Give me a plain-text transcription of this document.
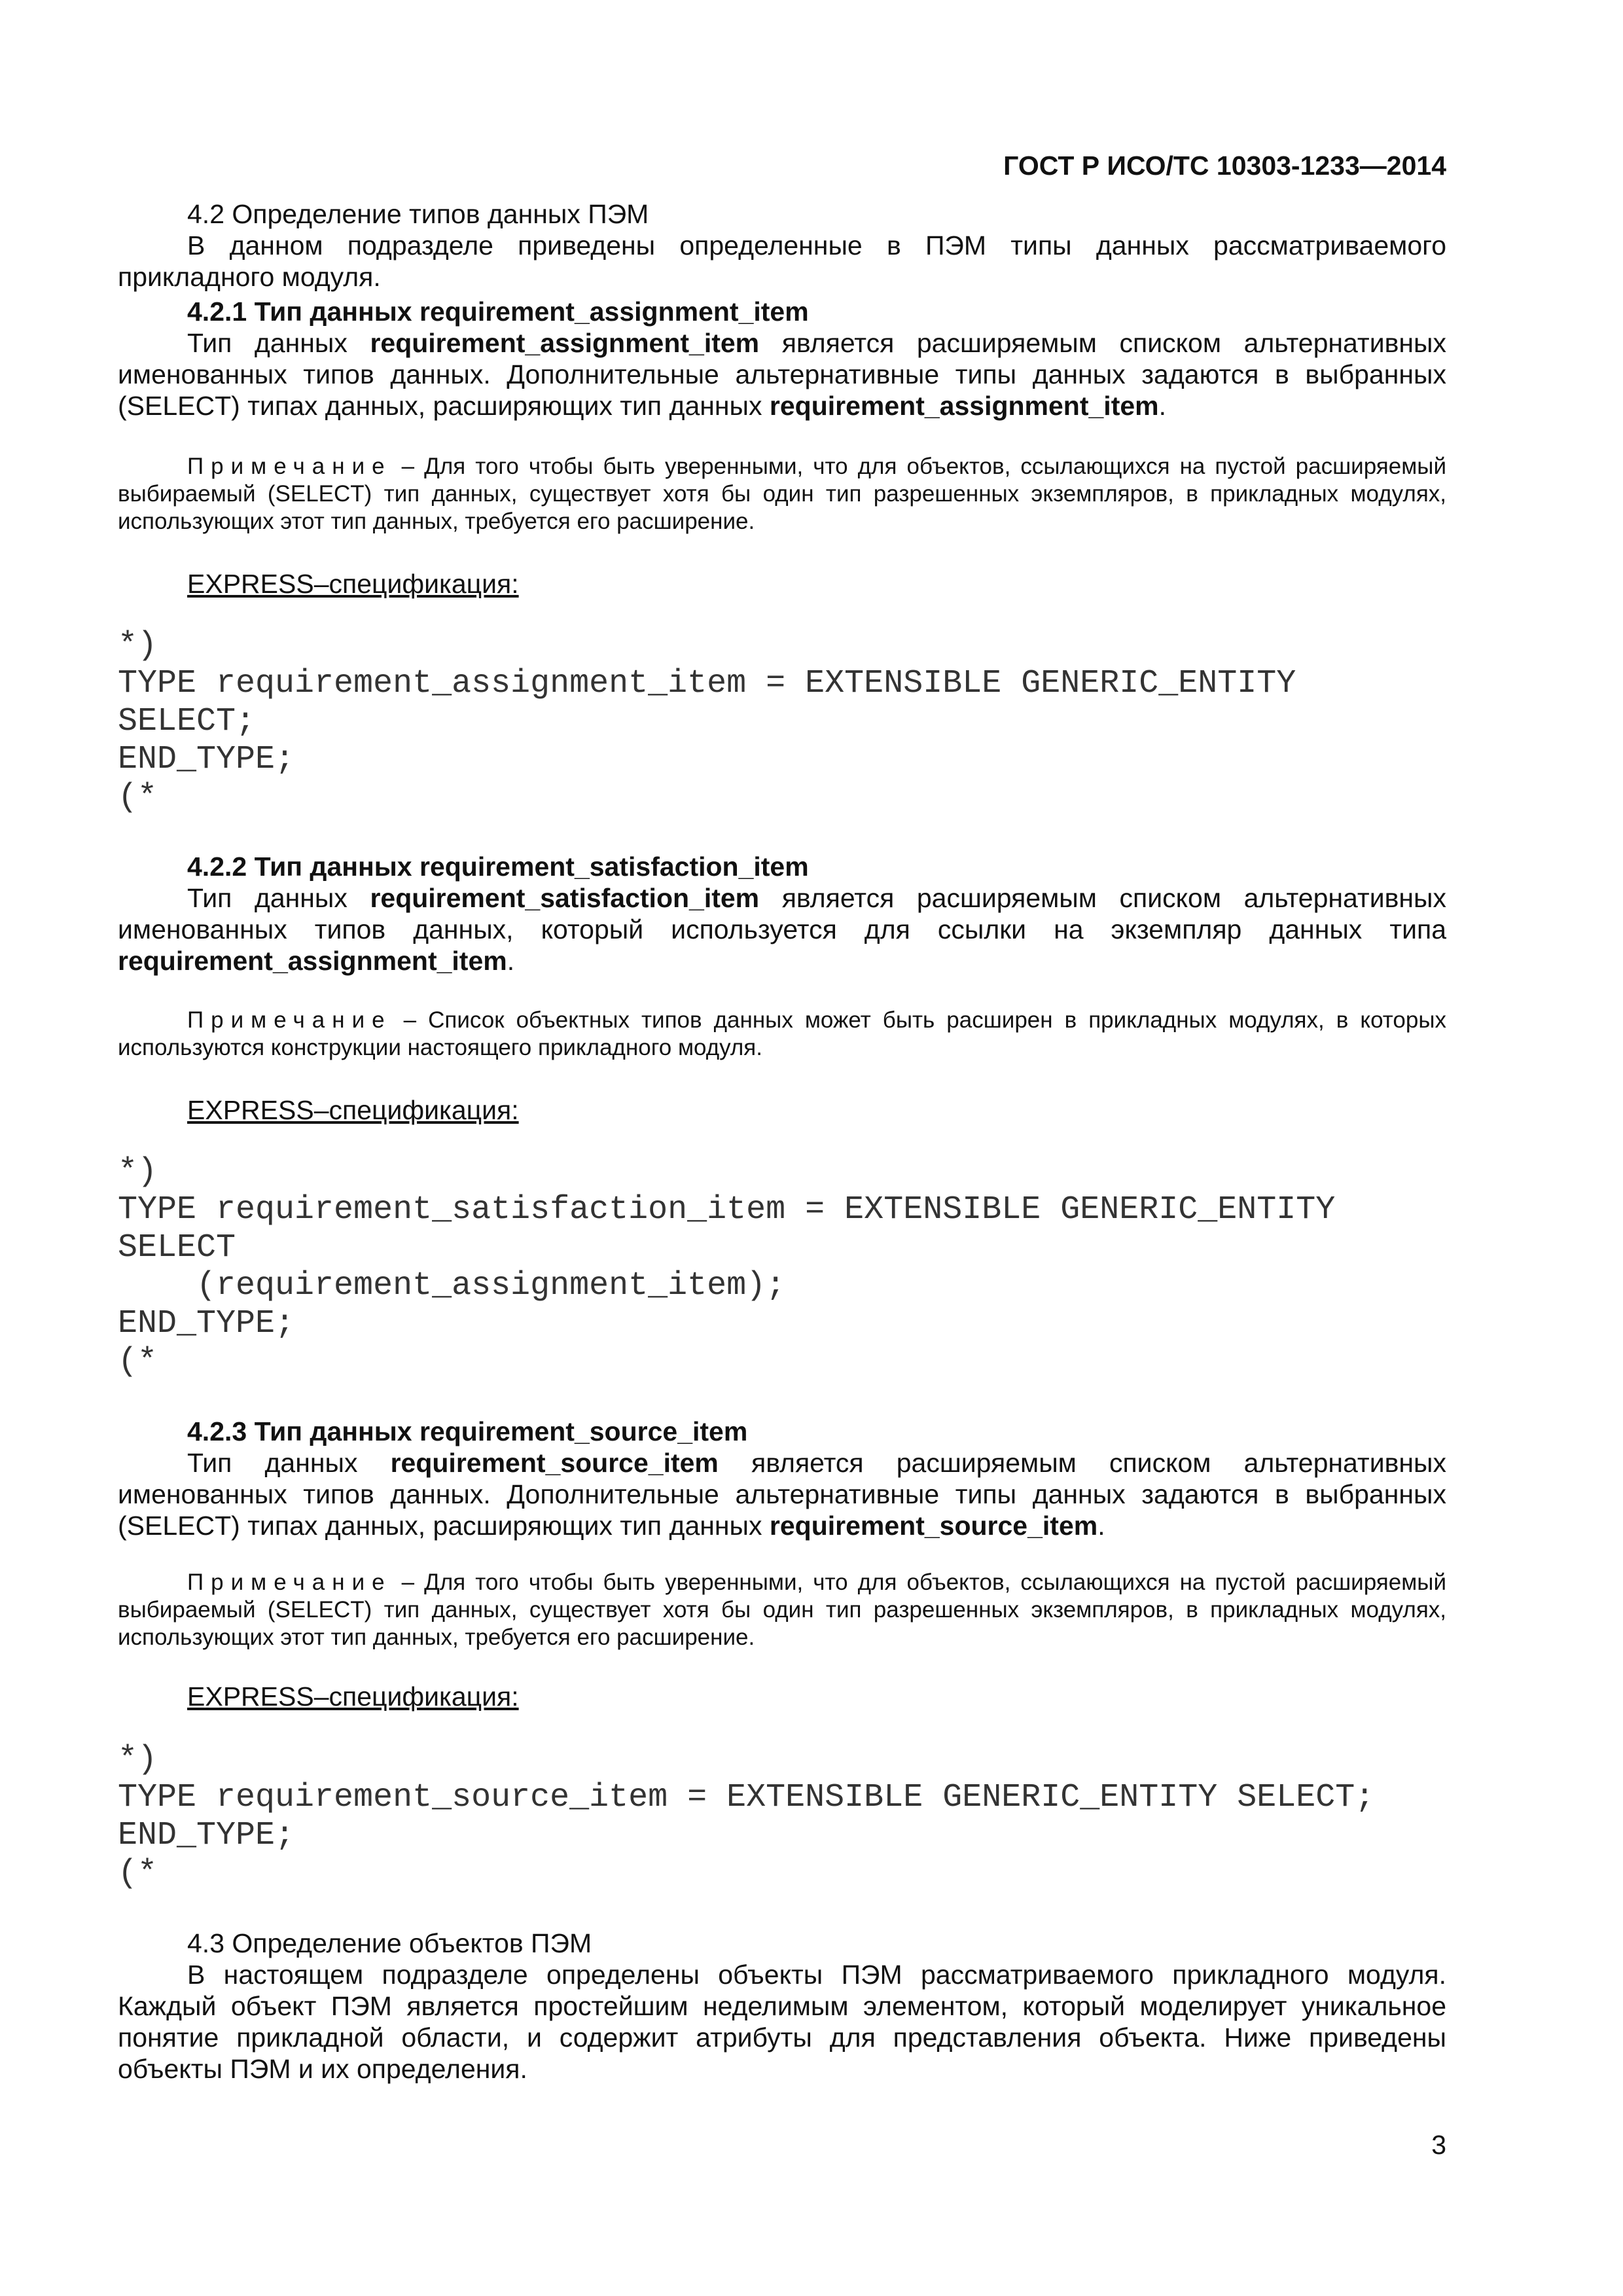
ГОСТ Р ИСО/ТС 10303-1233—2014

4.2 Определение типов данных ПЭМ

В данном подразделе приведены определенные в ПЭМ типы данных рассматриваемого прикладного модуля.

4.2.1 Тип данных requirement_assignment_item

Тип данных requirement_assignment_item является расширяемым списком альтернативных именованных типов данных. Дополнительные альтернативные типы данных задаются в выбранных (SELECT) типах данных, расширяющих тип данных requirement_assignment_item.

Примечание – Для того чтобы быть уверенными, что для объектов, ссылающихся на пустой расширяемый выбираемый (SELECT) тип данных, существует хотя бы один тип разрешенных экземпляров, в прикладных модулях, использующих этот тип данных, требуется его расширение.

EXPRESS–спецификация:

*)
TYPE requirement_assignment_item = EXTENSIBLE GENERIC_ENTITY
SELECT;
END_TYPE;
(*

4.2.2 Тип данных requirement_satisfaction_item

Тип данных requirement_satisfaction_item является расширяемым списком альтернативных именованных типов данных, который используется для ссылки на экземпляр данных типа requirement_assignment_item.

Примечание – Список объектных типов данных может быть расширен в прикладных модулях, в которых используются конструкции настоящего прикладного модуля.

EXPRESS–спецификация:

*)
TYPE requirement_satisfaction_item = EXTENSIBLE GENERIC_ENTITY
SELECT
(requirement_assignment_item);
END_TYPE;
(*

4.2.3 Тип данных requirement_source_item

Тип данных requirement_source_item является расширяемым списком альтернативных именованных типов данных. Дополнительные альтернативные типы данных задаются в выбранных (SELECT) типах данных, расширяющих тип данных requirement_source_item.

Примечание – Для того чтобы быть уверенными, что для объектов, ссылающихся на пустой расширяемый выбираемый (SELECT) тип данных, существует хотя бы один тип разрешенных экземпляров, в прикладных модулях, использующих этот тип данных, требуется его расширение.

EXPRESS–спецификация:

*)
TYPE requirement_source_item = EXTENSIBLE GENERIC_ENTITY SELECT;
END_TYPE;
(*

4.3 Определение объектов ПЭМ

В настоящем подразделе определены объекты ПЭМ рассматриваемого прикладного модуля. Каждый объект ПЭМ является простейшим неделимым элементом, который моделирует уникальное понятие прикладной области, и содержит атрибуты для представления объекта. Ниже приведены объекты ПЭМ и их определения.

3
